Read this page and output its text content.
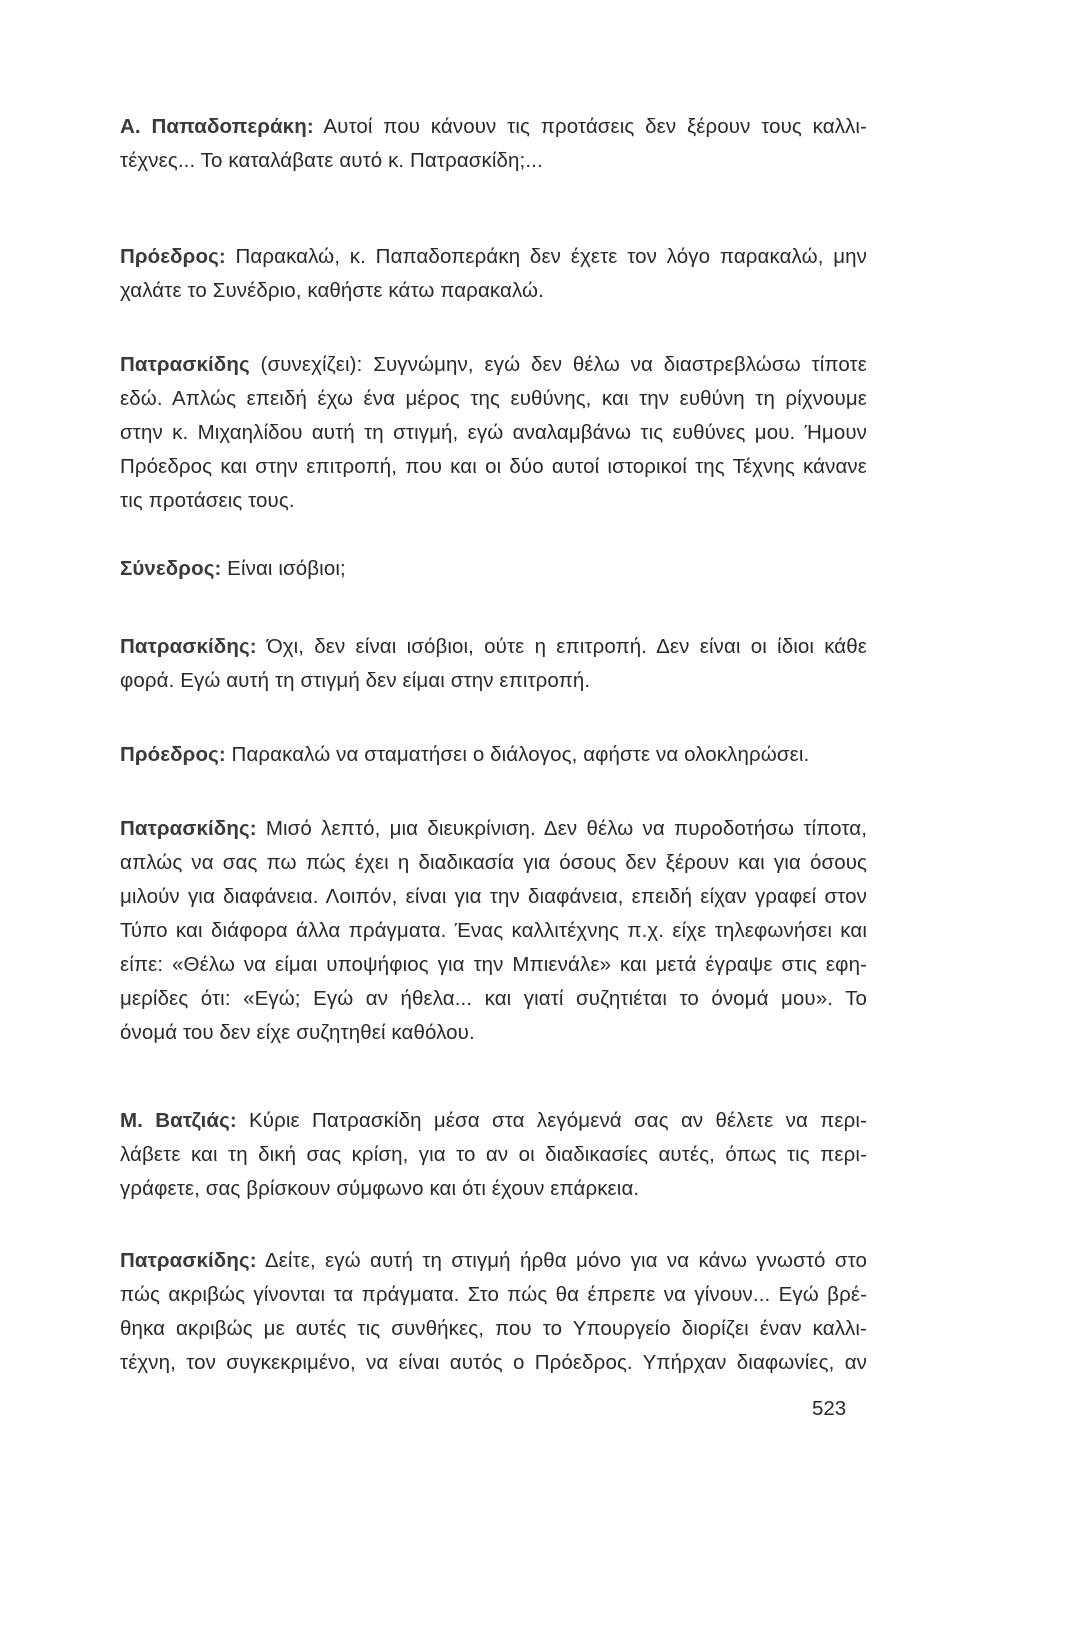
Α. Παπαδοπεράκη: Αυτοί που κάνουν τις προτάσεις δεν ξέρουν τους καλλι-
τέχνες... Το καταλάβατε αυτό κ. Πατρασκίδη;...
Πρόεδρος: Παρακαλώ, κ. Παπαδοπεράκη δεν έχετε τον λόγο παρακαλώ, μην
χαλάτε το Συνέδριο, καθήστε κάτω παρακαλώ.
Πατρασκίδης (συνεχίζει): Συγνώμην, εγώ δεν θέλω να διαστρεβλώσω τίποτε
εδώ. Απλώς επειδή έχω ένα μέρος της ευθύνης, και την ευθύνη τη ρίχνουμε
στην κ. Μιχαηλίδου αυτή τη στιγμή, εγώ αναλαμβάνω τις ευθύνες μου. Ήμουν
Πρόεδρος και στην επιτροπή, που και οι δύο αυτοί ιστορικοί της Τέχνης κάνανε
τις προτάσεις τους.
Σύνεδρος: Είναι ισόβιοι;
Πατρασκίδης: Όχι, δεν είναι ισόβιοι, ούτε η επιτροπή. Δεν είναι οι ίδιοι κάθε
φορά. Εγώ αυτή τη στιγμή δεν είμαι στην επιτροπή.
Πρόεδρος: Παρακαλώ να σταματήσει ο διάλογος, αφήστε να ολοκληρώσει.
Πατρασκίδης: Μισό λεπτό, μια διευκρίνιση. Δεν θέλω να πυροδοτήσω τίποτα,
απλώς να σας πω πώς έχει η διαδικασία για όσους δεν ξέρουν και για όσους
μιλούν για διαφάνεια. Λοιπόν, είναι για την διαφάνεια, επειδή είχαν γραφεί στον
Τύπο και διάφορα άλλα πράγματα. Ένας καλλιτέχνης π.χ. είχε τηλεφωνήσει και
είπε: «Θέλω να είμαι υποψήφιος για την Μπιενάλε» και μετά έγραψε στις εφη-
μερίδες ότι: «Εγώ; Εγώ αν ήθελα... και γιατί συζητιέται το όνομά μου». Το
όνομά του δεν είχε συζητηθεί καθόλου.
Μ. Βατζιάς: Κύριε Πατρασκίδη μέσα στα λεγόμενά σας αν θέλετε να περι-
λάβετε και τη δική σας κρίση, για το αν οι διαδικασίες αυτές, όπως τις περι-
γράφετε, σας βρίσκουν σύμφωνο και ότι έχουν επάρκεια.
Πατρασκίδης: Δείτε, εγώ αυτή τη στιγμή ήρθα μόνο για να κάνω γνωστό στο
πώς ακριβώς γίνονται τα πράγματα. Στο πώς θα έπρεπε να γίνουν... Εγώ βρέ-
θηκα ακριβώς με αυτές τις συνθήκες, που το Υπουργείο διορίζει έναν καλλι-
τέχνη, τον συγκεκριμένο, να είναι αυτός ο Πρόεδρος. Υπήρχαν διαφωνίες, αν
523
